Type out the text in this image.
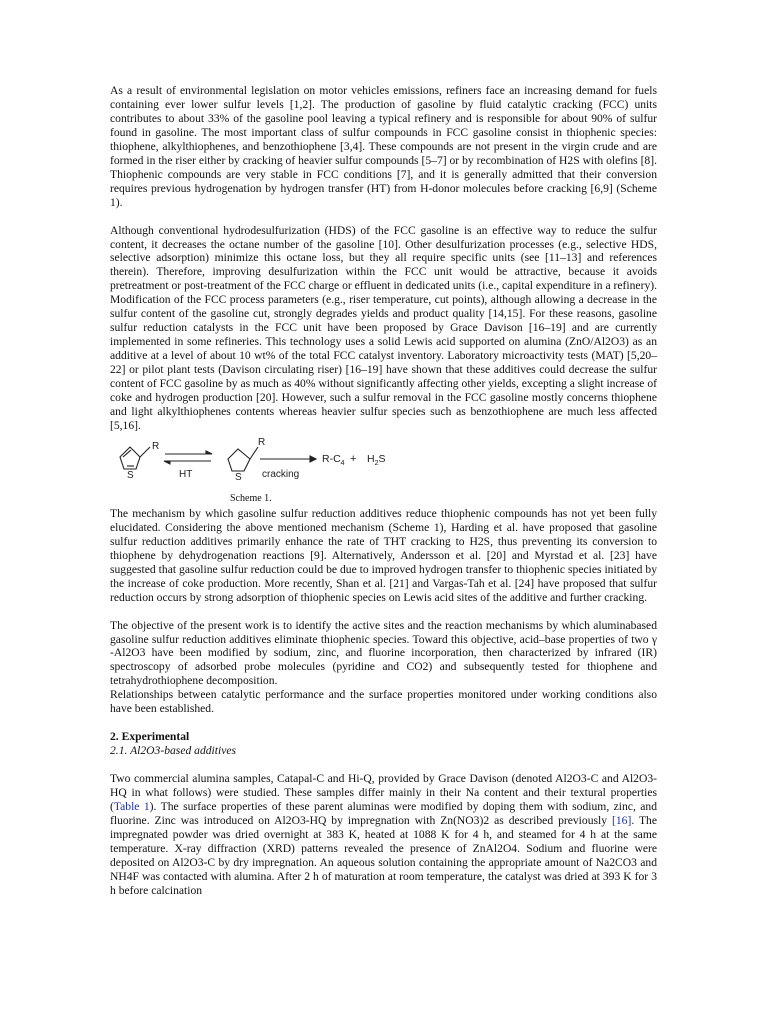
As a result of environmental legislation on motor vehicles emissions, refiners face an increasing demand for fuels containing ever lower sulfur levels [1,2]. The production of gasoline by fluid catalytic cracking (FCC) units contributes to about 33% of the gasoline pool leaving a typical refinery and is responsible for about 90% of sulfur found in gasoline. The most important class of sulfur compounds in FCC gasoline consist in thiophenic species: thiophene, alkylthiophenes, and benzothiophene [3,4]. These compounds are not present in the virgin crude and are formed in the riser either by cracking of heavier sulfur compounds [5–7] or by recombination of H2S with olefins [8]. Thiophenic compounds are very stable in FCC conditions [7], and it is generally admitted that their conversion requires previous hydrogenation by hydrogen transfer (HT) from H-donor molecules before cracking [6,9] (Scheme 1).

Although conventional hydrodesulfurization (HDS) of the FCC gasoline is an effective way to reduce the sulfur content, it decreases the octane number of the gasoline [10]. Other desulfurization processes (e.g., selective HDS, selective adsorption) minimize this octane loss, but they all require specific units (see [11–13] and references therein). Therefore, improving desulfurization within the FCC unit would be attractive, because it avoids pretreatment or post-treatment of the FCC charge or effluent in dedicated units (i.e., capital expenditure in a refinery). Modification of the FCC process parameters (e.g., riser temperature, cut points), although allowing a decrease in the sulfur content of the gasoline cut, strongly degrades yields and product quality [14,15]. For these reasons, gasoline sulfur reduction catalysts in the FCC unit have been proposed by Grace Davison [16–19] and are currently implemented in some refineries. This technology uses a solid Lewis acid supported on alumina (ZnO/Al2O3) as an additive at a level of about 10 wt% of the total FCC catalyst inventory. Laboratory microactivity tests (MAT) [5,20–22] or pilot plant tests (Davison circulating riser) [16–19] have shown that these additives could decrease the sulfur content of FCC gasoline by as much as 40% without significantly affecting other yields, excepting a slight increase of coke and hydrogen production [20]. However, such a sulfur removal in the FCC gasoline mostly concerns thiophene and light alkylthiophenes contents whereas heavier sulfur species such as benzothiophene are much less affected [5,16].

R
S	HT
R
S cracking
$R-C_4 + H_2S$
Scheme 1.

The mechanism by which gasoline sulfur reduction additives reduce thiophenic compounds has not yet been fully elucidated. Considering the above mentioned mechanism (Scheme 1), Harding et al. have proposed that gasoline sulfur reduction additives primarily enhance the rate of THT cracking to H2S, thus preventing its conversion to thiophene by dehydrogenation reactions [9]. Alternatively, Andersson et al. [20] and Myrstad et al. [23] have suggested that gasoline sulfur reduction could be due to improved hydrogen transfer to thiophenic species initiated by the increase of coke production. More recently, Shan et al. [21] and Vargas-Tah et al. [24] have proposed that sulfur reduction occurs by strong adsorption of thiophenic species on Lewis acid sites of the additive and further cracking.

The objective of the present work is to identify the active sites and the reaction mechanisms by which aluminabased gasoline sulfur reduction additives eliminate thiophenic species. Toward this objective, acid–base properties of two γ -Al2O3 have been modified by sodium, zinc, and fluorine incorporation, then characterized by infrared (IR) spectroscopy of adsorbed probe molecules (pyridine and CO2) and subsequently tested for thiophene and tetrahydrothiophene decomposition.

Relationships between catalytic performance and the surface properties monitored under working conditions also have been established.

2. Experimental

2.1. Al2O3-based additives

Two commercial alumina samples, Catapal-C and Hi-Q, provided by Grace Davison (denoted Al2O3-C and Al2O3-HQ in what follows) were studied. These samples differ mainly in their Na content and their textural properties (Table 1). The surface properties of these parent aluminas were modified by doping them with sodium, zinc, and fluorine. Zinc was introduced on Al2O3-HQ by impregnation with Zn(NO3)2 as described previously [16]. The impregnated powder was dried overnight at 383 K, heated at 1088 K for 4 h, and steamed for 4 h at the same temperature. X-ray diffraction (XRD) patterns revealed the presence of ZnAl2O4. Sodium and fluorine were deposited on Al2O3-C by dry impregnation. An aqueous solution containing the appropriate amount of Na2CO3 and NH4F was contacted with alumina. After 2 h of maturation at room temperature, the catalyst was dried at 393 K for 3 h before calcination
